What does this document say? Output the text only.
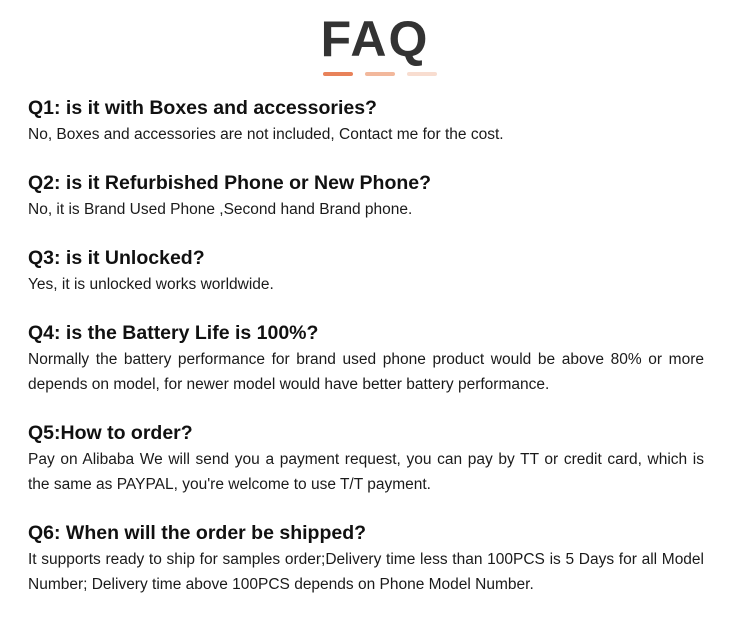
FAQ
Q1: is it with Boxes and accessories?
No, Boxes and accessories are not included, Contact me for the cost.
Q2: is it Refurbished Phone or New Phone?
No, it is Brand Used Phone ,Second hand Brand phone.
Q3: is it Unlocked?
Yes, it is unlocked works worldwide.
Q4: is the Battery Life is 100%?
Normally the battery performance for brand used phone product would be above 80% or more depends on model, for newer model would have better battery performance.
Q5:How to order?
Pay on Alibaba We will send you a payment request, you can pay by TT or credit card, which is the same as PAYPAL, you're welcome to use T/T payment.
Q6: When will the order be shipped?
It supports ready to ship for samples order;Delivery time less than 100PCS is 5 Days for all Model Number; Delivery time above 100PCS depends on Phone Model Number.
